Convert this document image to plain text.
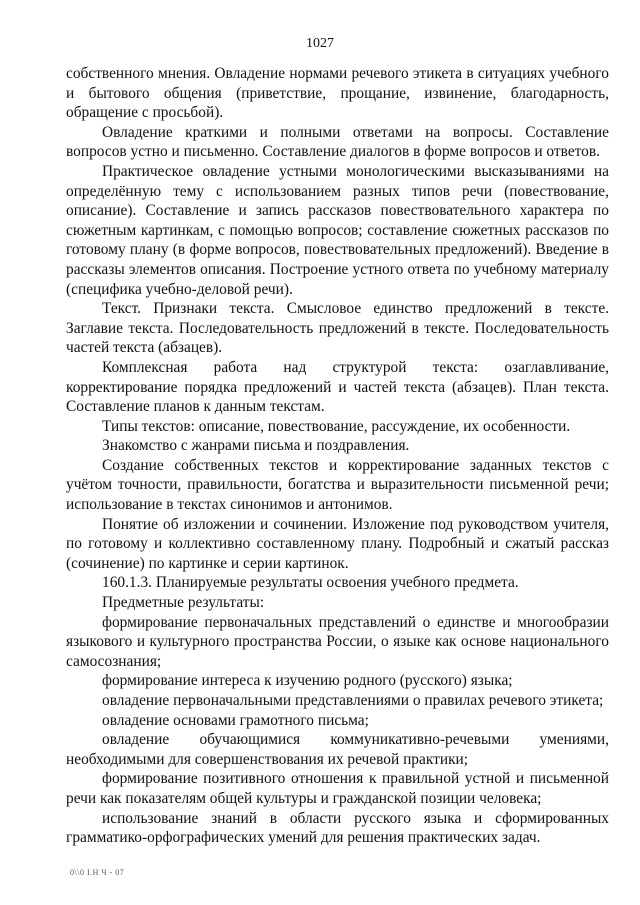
1027

собственного мнения. Овладение нормами речевого этикета в ситуациях учебного и бытового общения (приветствие, прощание, извинение, благодарность, обращение с просьбой).

Овладение краткими и полными ответами на вопросы. Составление вопросов устно и письменно. Составление диалогов в форме вопросов и ответов.

Практическое овладение устными монологическими высказываниями на определённую тему с использованием разных типов речи (повествование, описание). Составление и запись рассказов повествовательного характера по сюжетным картинкам, с помощью вопросов; составление сюжетных рассказов по готовому плану (в форме вопросов, повествовательных предложений). Введение в рассказы элементов описания. Построение устного ответа по учебному материалу (специфика учебно-деловой речи).

Текст. Признаки текста. Смысловое единство предложений в тексте. Заглавие текста. Последовательность предложений в тексте. Последовательность частей текста (абзацев).

Комплексная работа над структурой текста: озаглавливание, корректирование порядка предложений и частей текста (абзацев). План текста. Составление планов к данным текстам.

Типы текстов: описание, повествование, рассуждение, их особенности.

Знакомство с жанрами письма и поздравления.

Создание собственных текстов и корректирование заданных текстов с учётом точности, правильности, богатства и выразительности письменной речи; использование в текстах синонимов и антонимов.

Понятие об изложении и сочинении. Изложение под руководством учителя, по готовому и коллективно составленному плану. Подробный и сжатый рассказ (сочинение) по картинке и серии картинок.

160.1.3. Планируемые результаты освоения учебного предмета.

Предметные результаты:

формирование первоначальных представлений о единстве и многообразии языкового и культурного пространства России, о языке как основе национального самосознания;

формирование интереса к изучению родного (русского) языка;

овладение первоначальными представлениями о правилах речевого этикета;

овладение основами грамотного письма;

овладение обучающимися коммуникативно-речевыми умениями, необходимыми для совершенствования их речевой практики;

формирование позитивного отношения к правильной устной и письменной речи как показателям общей культуры и гражданской позиции человека;

использование знаний в области русского языка и сформированных грамматико-орфографических умений для решения практических задач.

0\\0 I.H Ч - 07
